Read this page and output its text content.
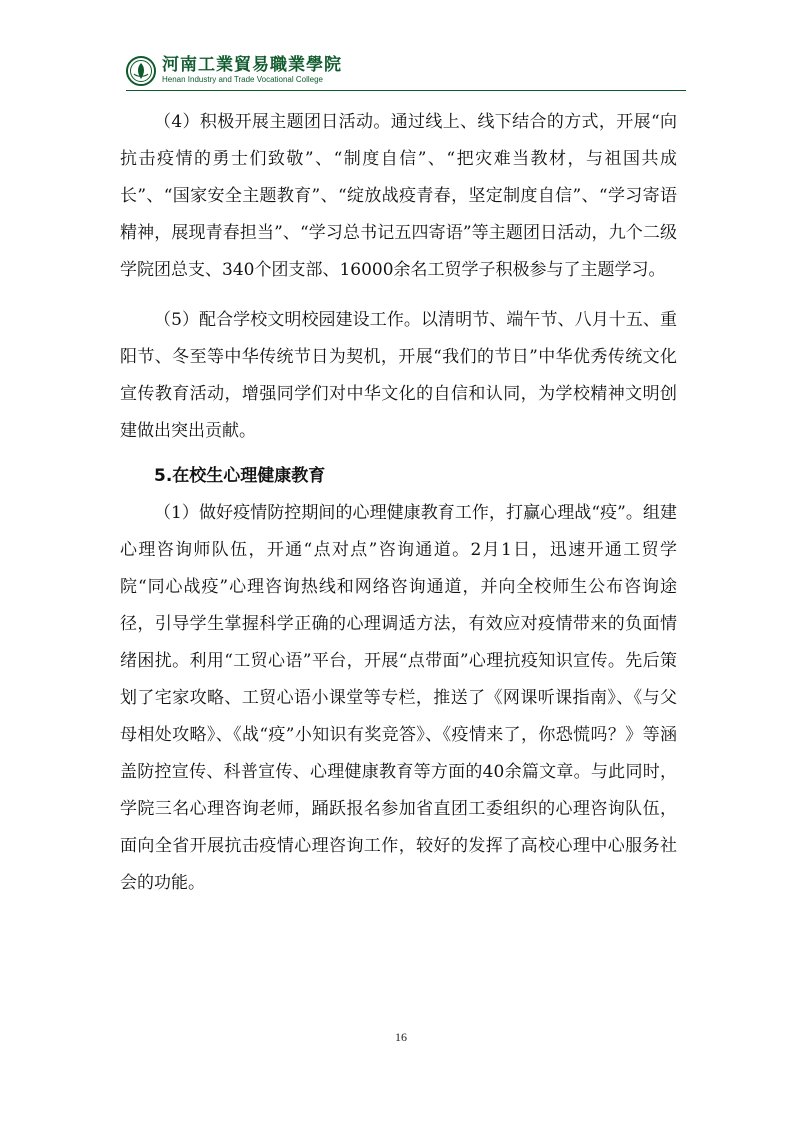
河南工業貿易職業學院
Henan Industry and Trade Vocational College

（4）积极开展主题团日活动。通过线上、线下结合的方式，开展“向抗击疫情的勇士们致敬”、“制度自信”、“把灾难当教材，与祖国共成长”、“国家安全主题教育”、“绽放战疫青春，坚定制度自信”、“学习寄语精神，展现青春担当”、“学习总书记五四寄语”等主题团日活动，九个二级学院团总支、340个团支部、16000余名工贸学子积极参与了主题学习。

（5）配合学校文明校园建设工作。以清明节、端午节、八月十五、重阳节、冬至等中华传统节日为契机，开展“我们的节日”中华优秀传统文化宣传教育活动，增强同学们对中华文化的自信和认同，为学校精神文明创建做出突出贡献。

5.在校生心理健康教育

（1）做好疫情防控期间的心理健康教育工作，打赢心理战“疫”。组建心理咨询师队伍，开通“点对点”咨询通道。2月1日，迅速开通工贸学院“同心战疫”心理咨询热线和网络咨询通道，并向全校师生公布咨询途径，引导学生掌握科学正确的心理调适方法，有效应对疫情带来的负面情绪困扰。利用“工贸心语”平台，开展“点带面”心理抗疫知识宣传。先后策划了宅家攻略、工贸心语小课堂等专栏，推送了《网课听课指南》、《与父母相处攻略》、《战“疫”小知识有奖竞答》、《疫情来了，你恐慌吗？》等涵盖防控宣传、科普宣传、心理健康教育等方面的40余篇文章。与此同时，学院三名心理咨询老师，踊跃报名参加省直团工委组织的心理咨询队伍，面向全省开展抗击疫情心理咨询工作，较好的发挥了高校心理中心服务社会的功能。

16
